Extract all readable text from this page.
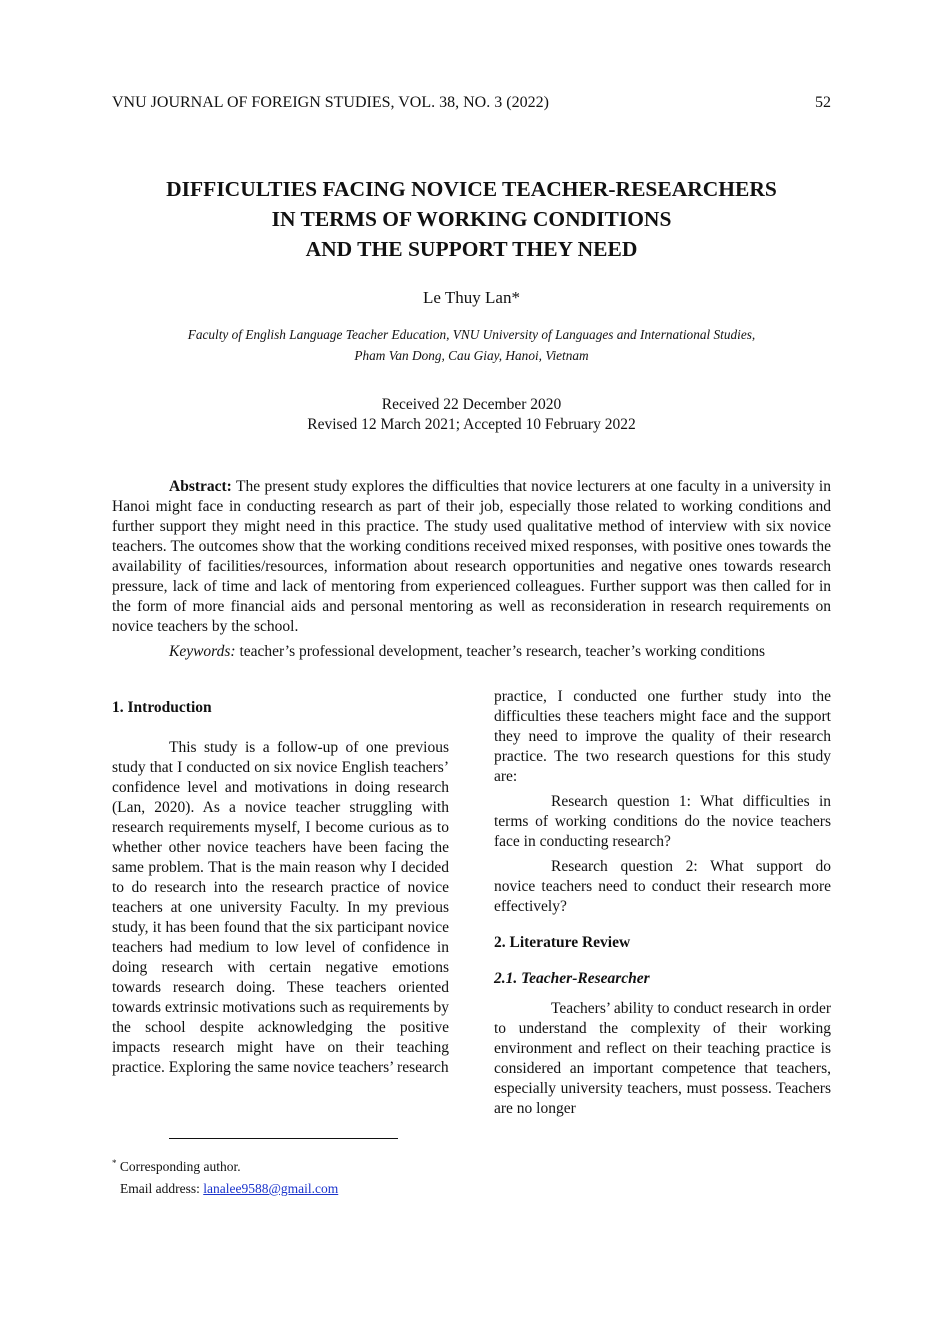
VNU JOURNAL OF FOREIGN STUDIES, VOL. 38, NO. 3 (2022)	52
DIFFICULTIES FACING NOVICE TEACHER-RESEARCHERS
IN TERMS OF WORKING CONDITIONS
AND THE SUPPORT THEY NEED
Le Thuy Lan*
Faculty of English Language Teacher Education, VNU University of Languages and International Studies,
Pham Van Dong, Cau Giay, Hanoi, Vietnam
Received 22 December 2020
Revised 12 March 2021; Accepted 10 February 2022

Abstract: The present study explores the difficulties that novice lecturers at one faculty in a university in Hanoi might face in conducting research as part of their job, especially those related to working conditions and further support they might need in this practice. The study used qualitative method of interview with six novice teachers. The outcomes show that the working conditions received mixed responses, with positive ones towards the availability of facilities/resources, information about research opportunities and negative ones towards research pressure, lack of time and lack of mentoring from experienced colleagues. Further support was then called for in the form of more financial aids and personal mentoring as well as reconsideration in research requirements on novice teachers by the school.

Keywords: teacher’s professional development, teacher’s research, teacher’s working conditions

1. Introduction

This study is a follow-up of one previous study that I conducted on six novice English teachers’ confidence level and motivations in doing research (Lan, 2020). As a novice teacher struggling with research requirements myself, I become curious as to whether other novice teachers have been facing the same problem. That is the main reason why I decided to do research into the research practice of novice teachers at one university Faculty. In my previous study, it has been found that the six participant novice teachers had medium to low level of confidence in doing research with certain negative emotions towards research doing. These teachers oriented towards extrinsic motivations such as requirements by the school despite acknowledging the positive impacts research might have on their teaching practice. Exploring the same novice teachers’ research

practice, I conducted one further study into the difficulties these teachers might face and the support they need to improve the quality of their research practice. The two research questions for this study are:

Research question 1: What difficulties in terms of working conditions do the novice teachers face in conducting research?

Research question 2: What support do novice teachers need to conduct their research more effectively?

2. Literature Review
2.1. Teacher-Researcher

Teachers’ ability to conduct research in order to understand the complexity of their working environment and reflect on their teaching practice is considered an important competence that teachers, especially university teachers, must possess. Teachers are no longer

* Corresponding author.
Email address: lanalee9588@gmail.com
